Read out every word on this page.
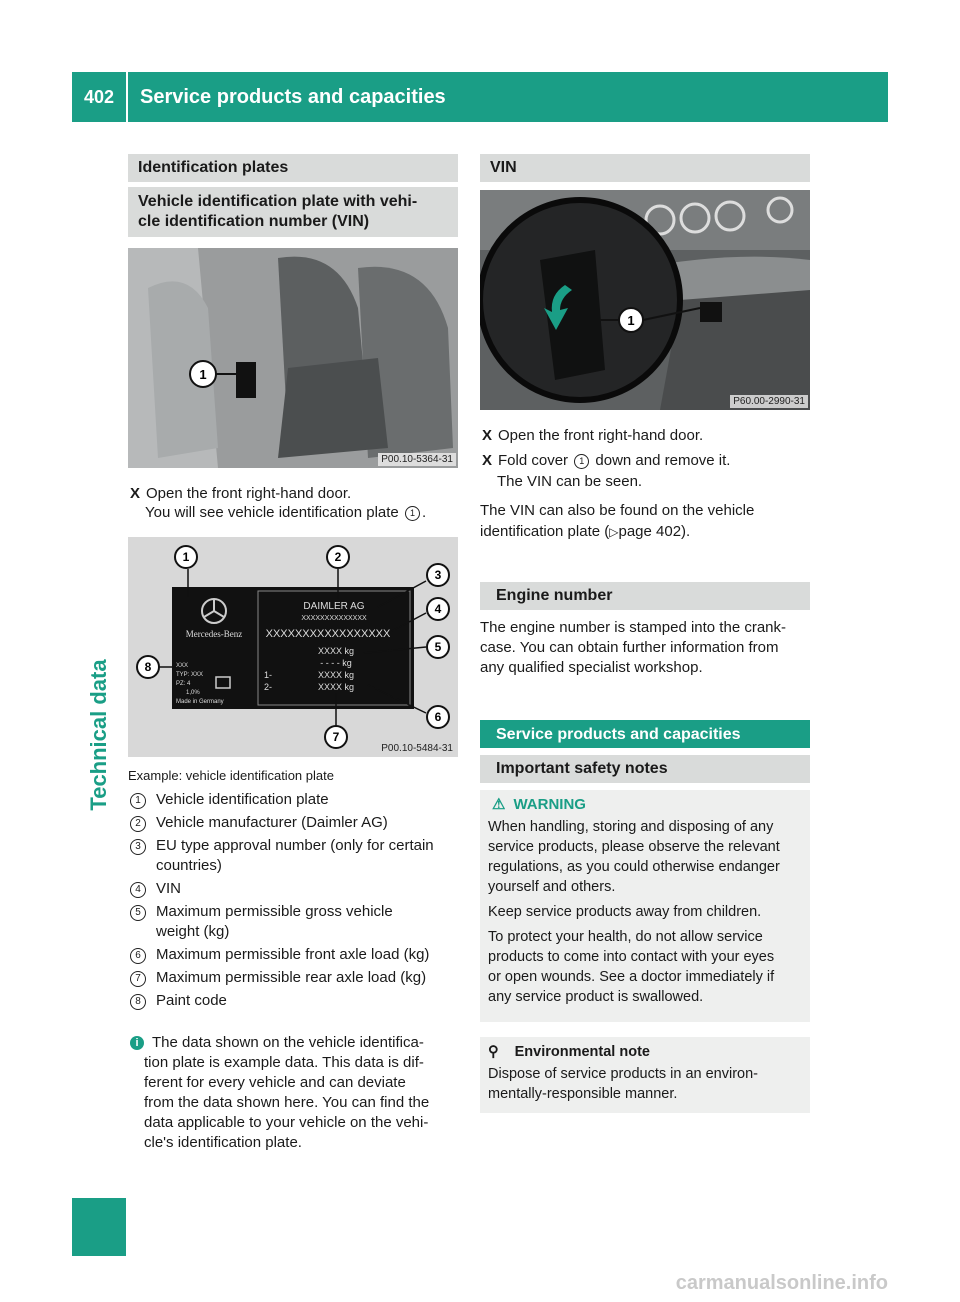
402	Service products and capacities
Technical data
Identification plates
Vehicle identification plate with vehi-
cle identification number (VIN)
1
P00.10-5364-31
X Open the front right-hand door.
You will see vehicle identification plate 1 .
Mercedes-Benz
DAIMLER AG
XXXXXXXXXXXXXX
XXXXXXXXXXXXXXXXX
XXXX kg
- - - - kg
XXXX kg
XXXX kg
1-
2-
XXX
TYP: XXX
PZ: 4
1,0%
Made in Germany
1	2
3
4
5
6
7
8
P00.10-5484-31
Example: vehicle identification plate
1 Vehicle identification plate
2 Vehicle manufacturer (Daimler AG)
3 EU type approval number (only for certain
countries)
4 VIN
5 Maximum permissible gross vehicle
weight (kg)
6 Maximum permissible front axle load (kg)
7 Maximum permissible rear axle load (kg)
8 Paint code
i The data shown on the vehicle identifica-
tion plate is example data. This data is dif-
ferent for every vehicle and can deviate
from the data shown here. You can find the
data applicable to your vehicle on the vehi-
cle's identification plate.
VIN
1
P60.00-2990-31
X Open the front right-hand door.
X Fold cover 1 down and remove it.
The VIN can be seen.
The VIN can also be found on the vehicle
identification plate (▷page 402).
Engine number
The engine number is stamped into the crank-
case. You can obtain further information from
any qualified specialist workshop.
Service products and capacities
Important safety notes
⚠ WARNING
When handling, storing and disposing of any
service products, please observe the relevant
regulations, as you could otherwise endanger
yourself and others.
Keep service products away from children.
To protect your health, do not allow service
products to come into contact with your eyes
or open wounds. See a doctor immediately if
any service product is swallowed.
⚲ Environmental note
Dispose of service products in an environ-
mentally-responsible manner.
carmanualsonline.info
